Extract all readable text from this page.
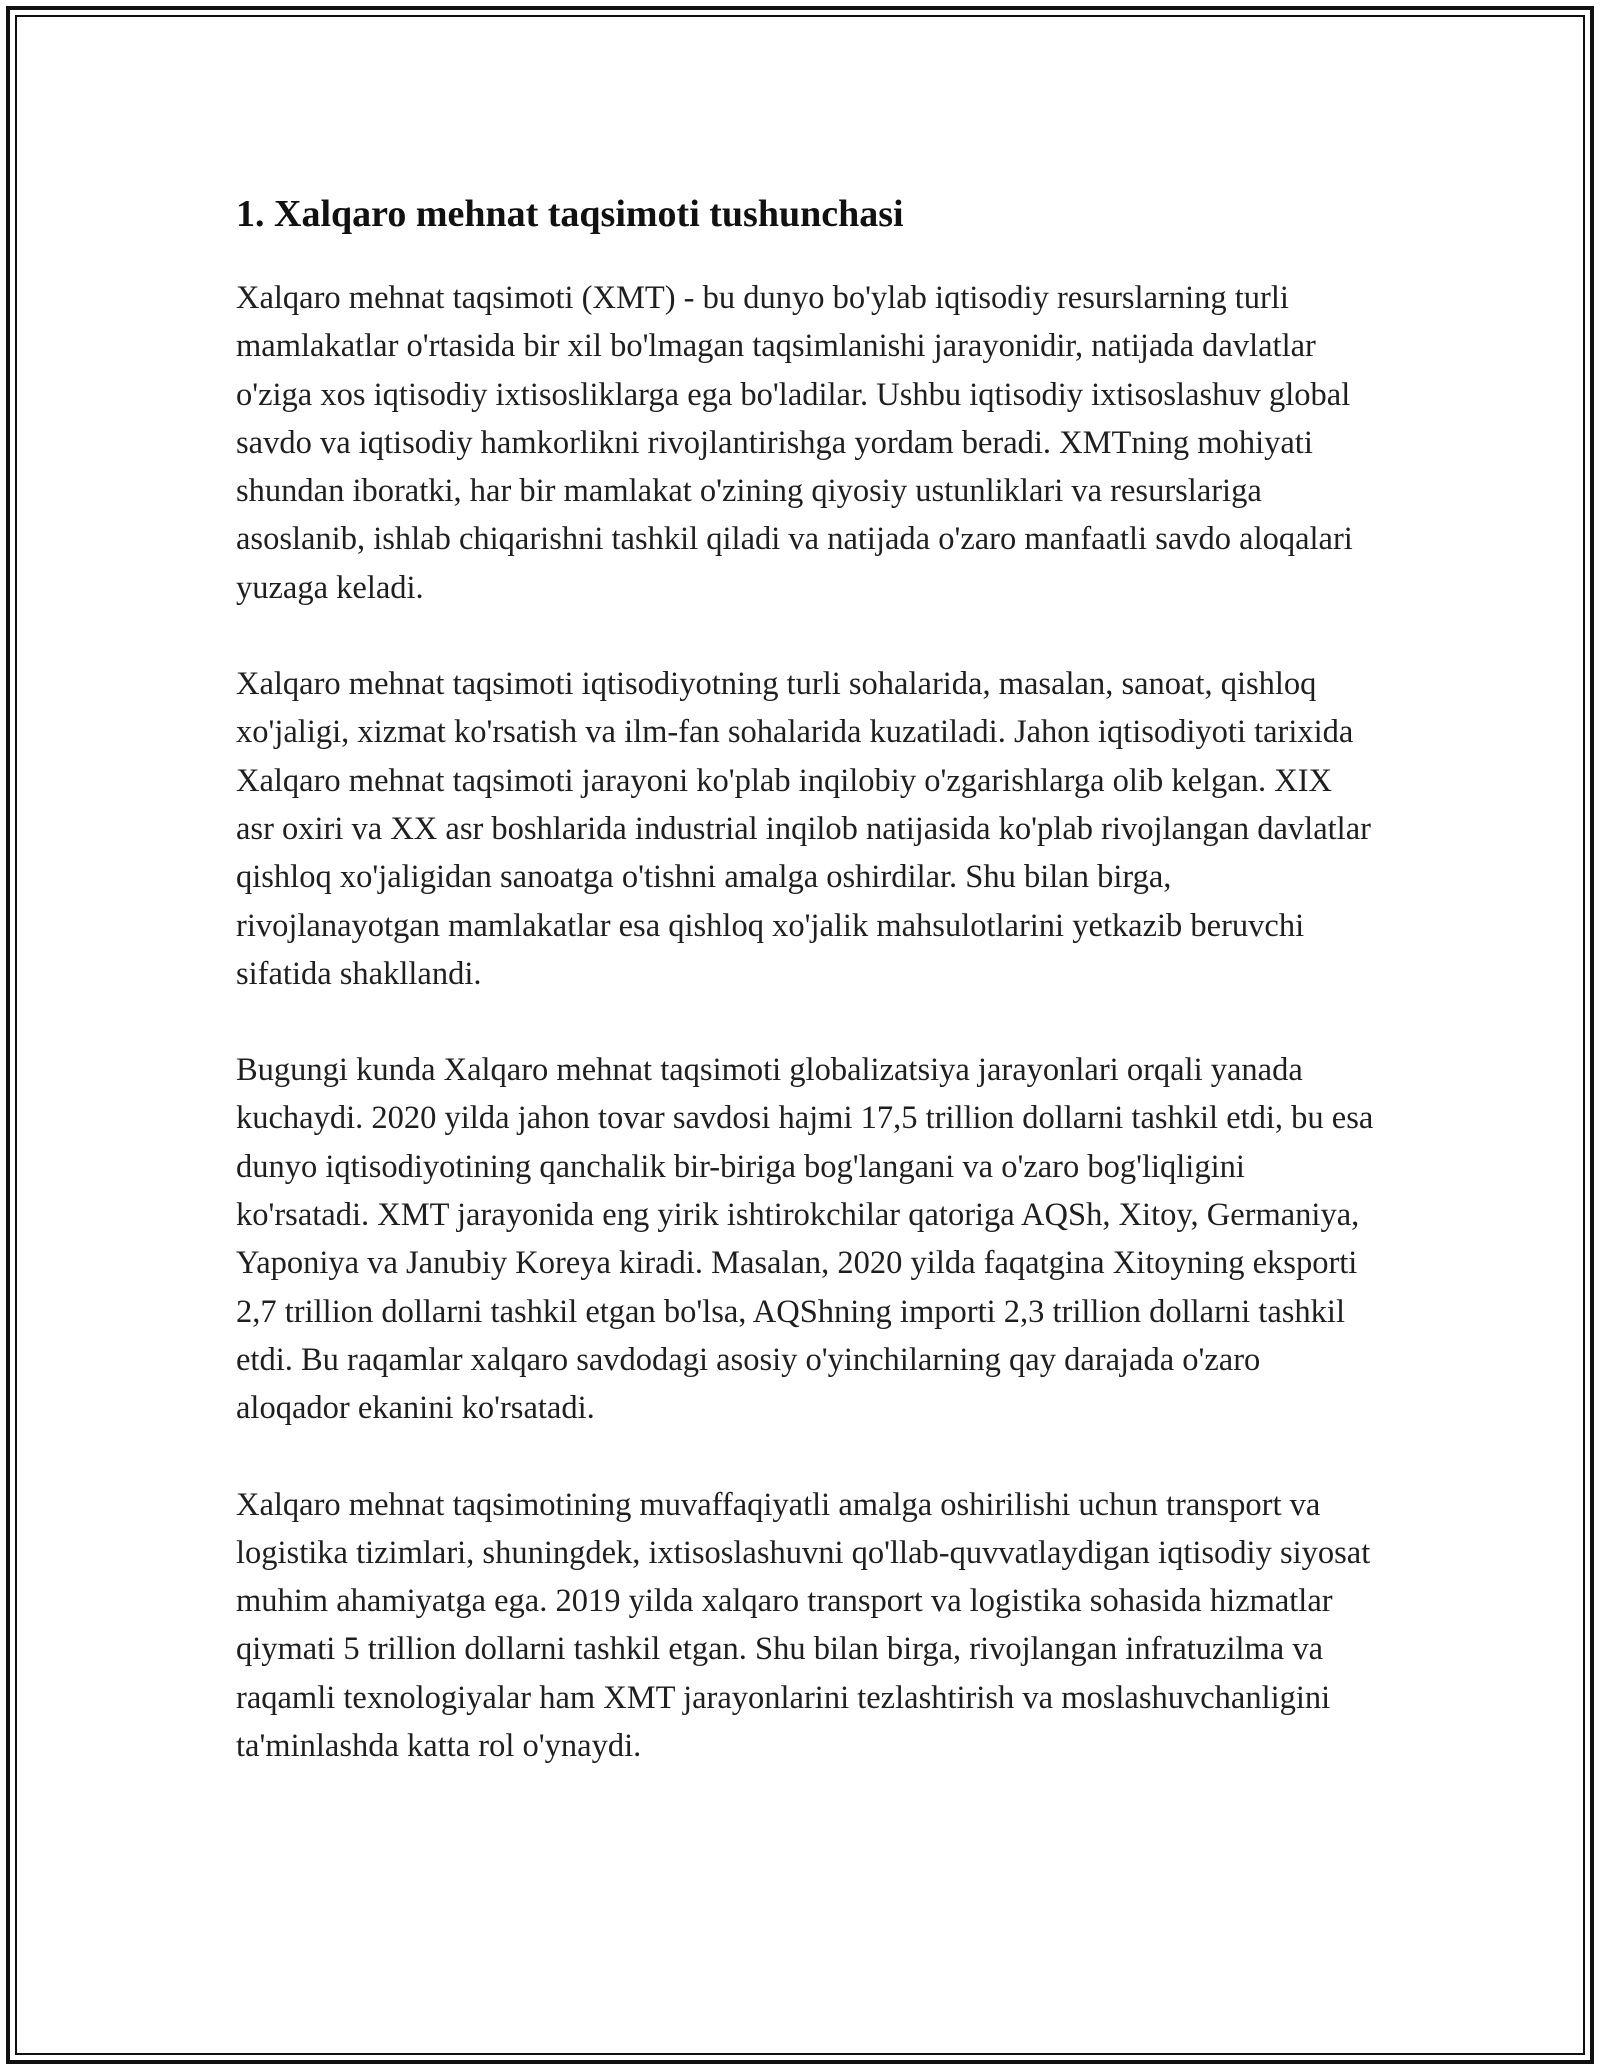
1. Xalqaro mehnat taqsimoti tushunchasi

Xalqaro mehnat taqsimoti (XMT) - bu dunyo bo'ylab iqtisodiy resurslarning turli mamlakatlar o'rtasida bir xil bo'lmagan taqsimlanishi jarayonidir, natijada davlatlar o'ziga xos iqtisodiy ixtisosliklarga ega bo'ladilar. Ushbu iqtisodiy ixtisoslashuv global savdo va iqtisodiy hamkorlikni rivojlantirishga yordam beradi. XMTning mohiyati shundan iboratki, har bir mamlakat o'zining qiyosiy ustunliklari va resurslariga asoslanib, ishlab chiqarishni tashkil qiladi va natijada o'zaro manfaatli savdo aloqalari yuzaga keladi.

Xalqaro mehnat taqsimoti iqtisodiyotning turli sohalarida, masalan, sanoat, qishloq xo'jaligi, xizmat ko'rsatish va ilm-fan sohalarida kuzatiladi. Jahon iqtisodiyoti tarixida Xalqaro mehnat taqsimoti jarayoni ko'plab inqilobiy o'zgarishlarga olib kelgan. XIX asr oxiri va XX asr boshlarida industrial inqilob natijasida ko'plab rivojlangan davlatlar qishloq xo'jaligidan sanoatga o'tishni amalga oshirdilar. Shu bilan birga, rivojlanayotgan mamlakatlar esa qishloq xo'jalik mahsulotlarini yetkazib beruvchi sifatida shakllandi.

Bugungi kunda Xalqaro mehnat taqsimoti globalizatsiya jarayonlari orqali yanada kuchaydi. 2020 yilda jahon tovar savdosi hajmi 17,5 trillion dollarni tashkil etdi, bu esa dunyo iqtisodiyotining qanchalik bir-biriga bog'langani va o'zaro bog'liqligini ko'rsatadi. XMT jarayonida eng yirik ishtirokchilar qatoriga AQSh, Xitoy, Germaniya, Yaponiya va Janubiy Koreya kiradi. Masalan, 2020 yilda faqatgina Xitoyning eksporti 2,7 trillion dollarni tashkil etgan bo'lsa, AQShning importi 2,3 trillion dollarni tashkil etdi. Bu raqamlar xalqaro savdodagi asosiy o'yinchilarning qay darajada o'zaro aloqador ekanini ko'rsatadi.

Xalqaro mehnat taqsimotining muvaffaqiyatli amalga oshirilishi uchun transport va logistika tizimlari, shuningdek, ixtisoslashuvni qo'llab-quvvatlaydigan iqtisodiy siyosat muhim ahamiyatga ega. 2019 yilda xalqaro transport va logistika sohasida hizmatlar qiymati 5 trillion dollarni tashkil etgan. Shu bilan birga, rivojlangan infratuzilma va raqamli texnologiyalar ham XMT jarayonlarini tezlashtirish va moslashuvchanligini ta'minlashda katta rol o'ynaydi.
